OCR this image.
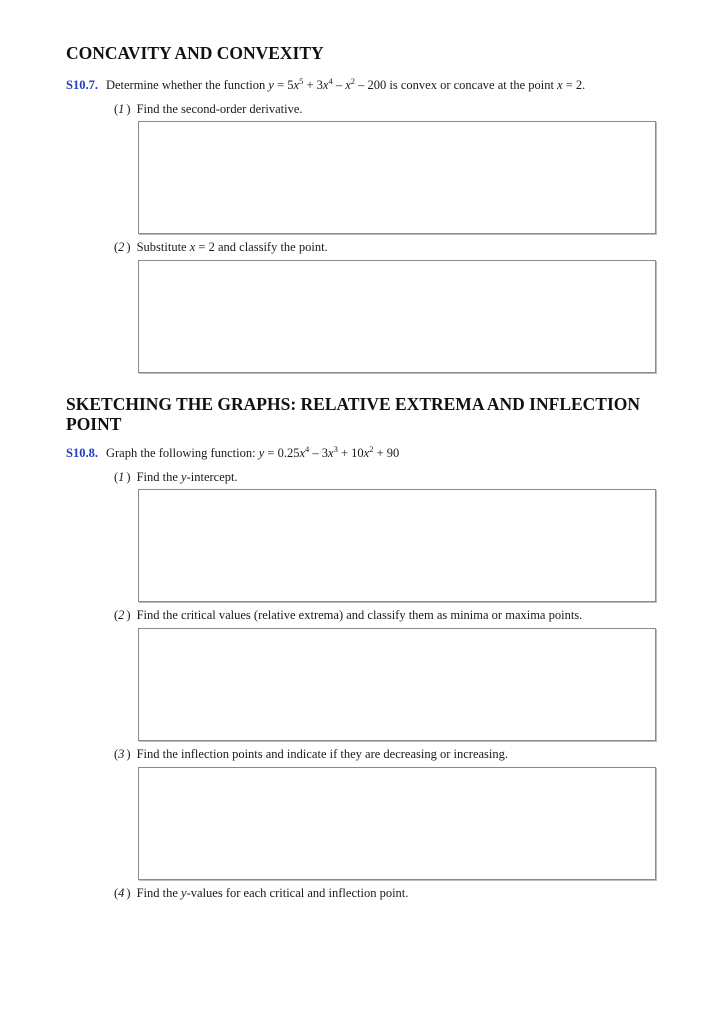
CONCAVITY AND CONVEXITY
S10.7. Determine whether the function $y = 5x^5 + 3x^4 - x^2 - 200$ is convex or concave at the point x = 2.
(1 ) Find the second-order derivative.
(2 ) Substitute x = 2 and classify the point.
SKETCHING THE GRAPHS: RELATIVE EXTREMA AND INFLECTION POINT
S10.8. Graph the following function: $y = 0.25x^4 - 3x^3 + 10x^2 + 90$
(1 ) Find the y-intercept.
(2 ) Find the critical values (relative extrema) and classify them as minima or maxima points.
(3 ) Find the inflection points and indicate if they are decreasing or increasing.
(4 ) Find the y-values for each critical and inflection point.
